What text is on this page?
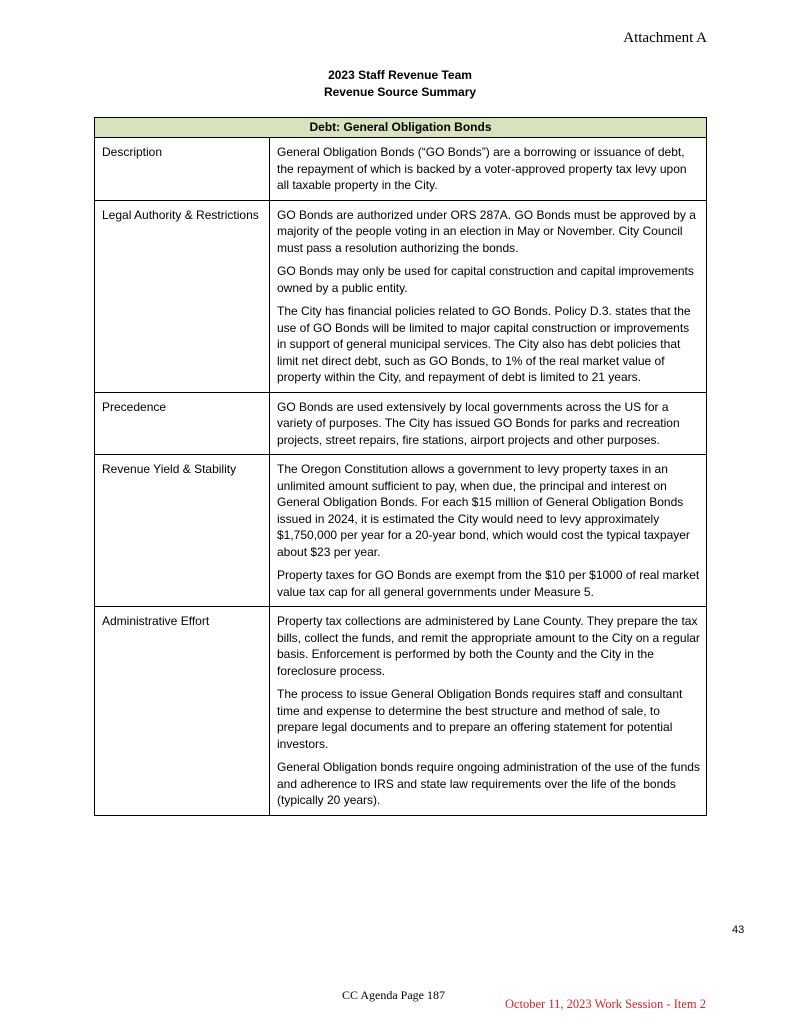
Attachment A
2023 Staff Revenue Team
Revenue Source Summary
Debt: General Obligation Bonds	
Description	General Obligation Bonds (“GO Bonds”) are a borrowing or issuance of debt, the repayment of which is backed by a voter-approved property tax levy upon all taxable property in the City.

Legal Authority & Restrictions	GO Bonds are authorized under ORS 287A. GO Bonds must be approved by a majority of the people voting in an election in May or November. City Council must pass a resolution authorizing the bonds.

GO Bonds may only be used for capital construction and capital improvements owned by a public entity.

The City has financial policies related to GO Bonds. Policy D.3. states that the use of GO Bonds will be limited to major capital construction or improvements in support of general municipal services. The City also has debt policies that limit net direct debt, such as GO Bonds, to 1% of the real market value of property within the City, and repayment of debt is limited to 21 years.

Precedence	GO Bonds are used extensively by local governments across the US for a variety of purposes. The City has issued GO Bonds for parks and recreation projects, street repairs, fire stations, airport projects and other purposes.

Revenue Yield & Stability	The Oregon Constitution allows a government to levy property taxes in an unlimited amount sufficient to pay, when due, the principal and interest on General Obligation Bonds. For each $15 million of General Obligation Bonds issued in 2024, it is estimated the City would need to levy approximately $1,750,000 per year for a 20-year bond, which would cost the typical taxpayer about $23 per year.

Property taxes for GO Bonds are exempt from the $10 per $1000 of real market value tax cap for all general governments under Measure 5.

Administrative Effort	Property tax collections are administered by Lane County. They prepare the tax bills, collect the funds, and remit the appropriate amount to the City on a regular basis. Enforcement is performed by both the County and the City in the foreclosure process.

The process to issue General Obligation Bonds requires staff and consultant time and expense to determine the best structure and method of sale, to prepare legal documents and to prepare an offering statement for potential investors.

General Obligation bonds require ongoing administration of the use of the funds and adherence to IRS and state law requirements over the life of the bonds (typically 20 years).

43
CC Agenda Page 187
October 11, 2023 Work Session - Item 2
